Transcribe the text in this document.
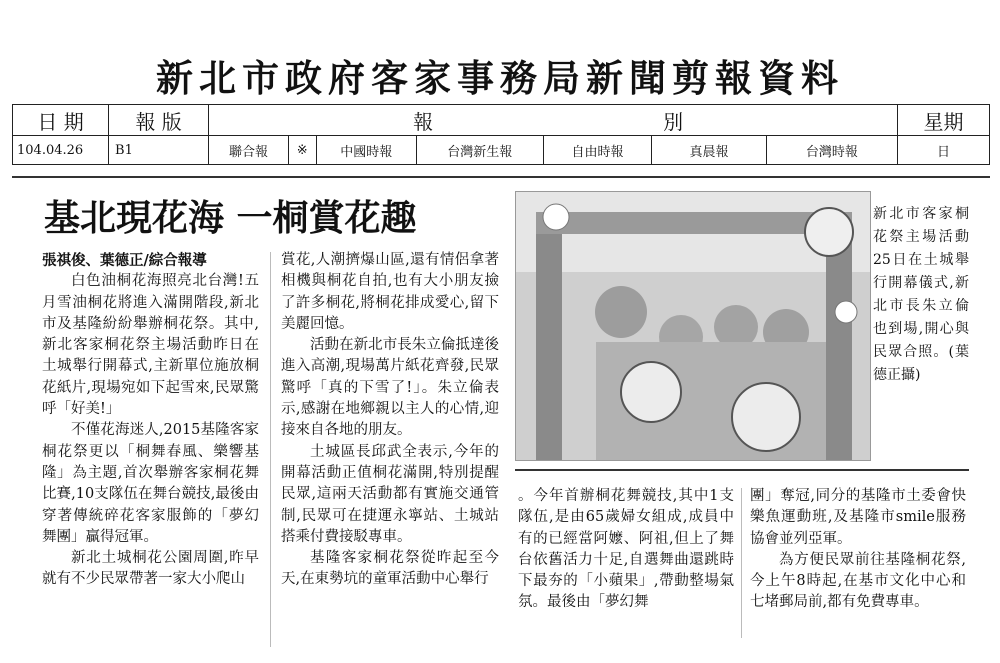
新北市政府客家事務局新聞剪報資料
日 期	報 版	報 別							星期
104.04.26	B1	聯合報	※	中國時報	台灣新生報	自由時報	真晨報	台灣時報	日
基北現花海 一桐賞花趣

張祺俊、葉德正/綜合報導

白色油桐花海照亮北台灣!五月雪油桐花將進入滿開階段,新北市及基隆紛紛舉辦桐花祭。其中,新北客家桐花祭主場活動昨日在土城舉行開幕式,主新單位施放桐花紙片,現場宛如下起雪來,民眾驚呼「好美!」

不僅花海迷人,2015基隆客家桐花祭更以「桐舞春風、樂響基隆」為主題,首次舉辦客家桐花舞比賽,10支隊伍在舞台競技,最後由穿著傳統碎花客家服飾的「夢幻舞團」贏得冠軍。

新北土城桐花公園周圍,昨早就有不少民眾帶著一家大小爬山

賞花,人潮擠爆山區,還有情侶拿著相機與桐花自拍,也有大小朋友撿了許多桐花,將桐花排成愛心,留下美麗回憶。

活動在新北市長朱立倫抵達後進入高潮,現場萬片紙花齊發,民眾驚呼「真的下雪了!」。朱立倫表示,感謝在地鄉親以主人的心情,迎接來自各地的朋友。

土城區長邱武全表示,今年的開幕活動正值桐花滿開,特別提醒民眾,這兩天活動都有實施交通管制,民眾可在捷運永寧站、土城站搭乘付費接駁專車。

基隆客家桐花祭從昨起至今天,在東勢坑的童軍活動中心舉行

新北市客家桐花祭主場活動25日在土城舉行開幕儀式,新北市長朱立倫也到場,開心與民眾合照。(葉德正攝)

。今年首辦桐花舞競技,其中1支隊伍,是由65歲婦女組成,成員中有的已經當阿嬤、阿祖,但上了舞台依舊活力十足,自選舞曲還跳時下最夯的「小蘋果」,帶動整場氣氛。最後由「夢幻舞

團」奪冠,同分的基隆市土委會快樂魚運動班,及基隆市smile服務協會並列亞軍。

為方便民眾前往基隆桐花祭,今上午8時起,在基市文化中心和七堵郵局前,都有免費專車。
